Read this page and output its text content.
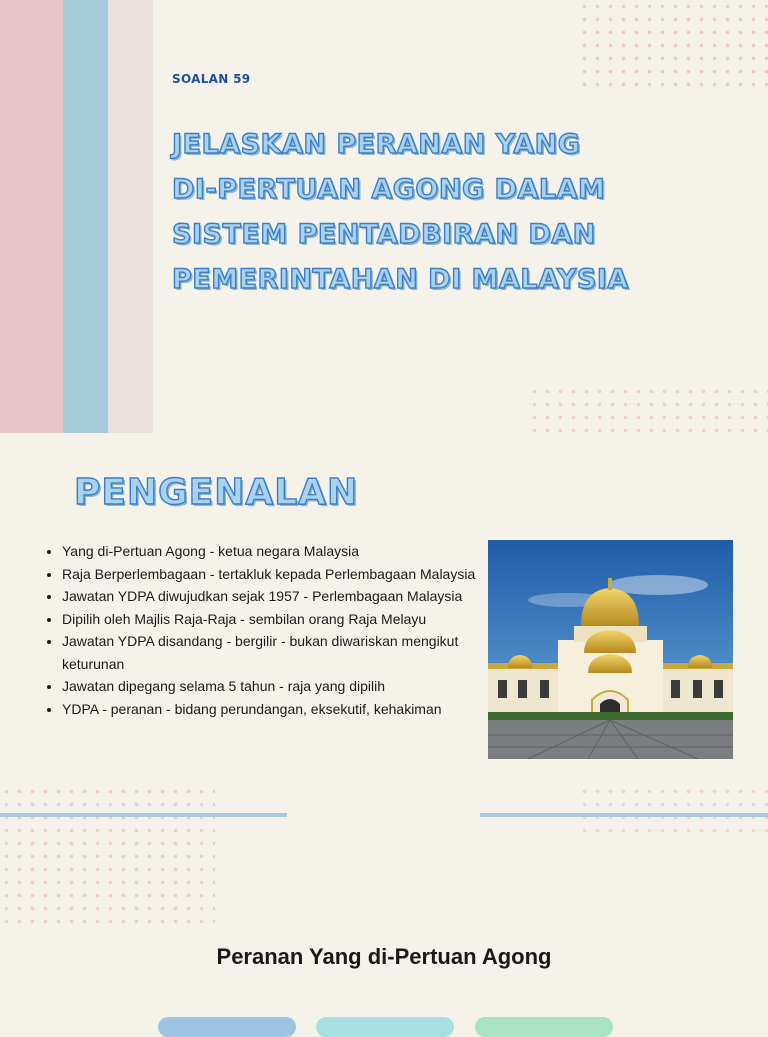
SOALAN 59
JELASKAN PERANAN YANG
DI-PERTUAN AGONG DALAM
SISTEM PENTADBIRAN DAN
PEMERINTAHAN DI MALAYSIA
PENGENALAN
• Yang di-Pertuan Agong - ketua negara Malaysia
• Raja Berperlembagaan - tertakluk kepada Perlembagaan Malaysia
• Jawatan YDPA diwujudkan sejak 1957 - Perlembagaan Malaysia
• Dipilih oleh Majlis Raja-Raja - sembilan orang Raja Melayu
• Jawatan YDPA disandang - bergilir - bukan diwariskan mengikut keturunan
• Jawatan dipegang selama 5 tahun - raja yang dipilih
• YDPA - peranan - bidang perundangan, eksekutif, kehakiman
Peranan Yang di-Pertuan Agong
